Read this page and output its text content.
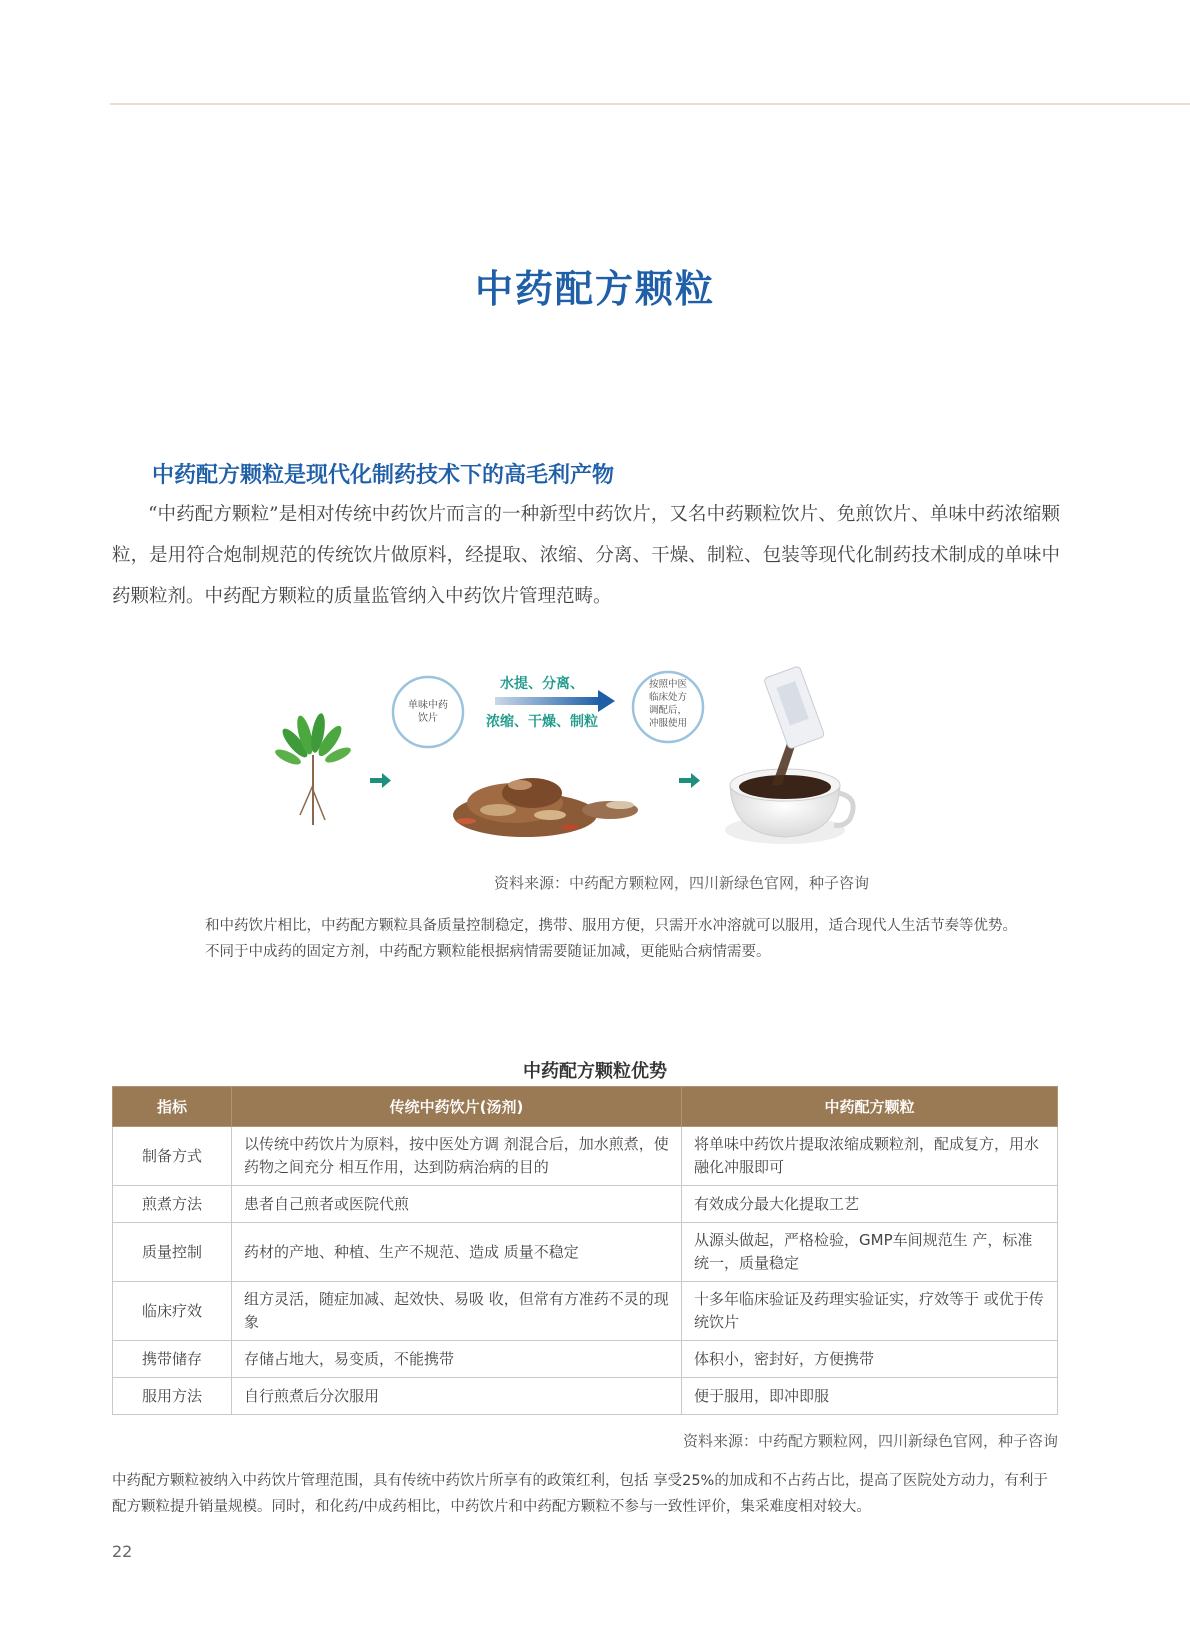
中药配方颗粒
中药配方颗粒是现代化制药技术下的高毛利产物
“中药配方颗粒”是相对传统中药饮片而言的一种新型中药饮片，又名中药颗粒饮片、免煎饮片、单味中药浓缩颗粒，是用符合炮制规范的传统饮片做原料，经提取、浓缩、分离、干燥、制粒、包装等现代化制药技术制成的单味中药颗粒剂。中药配方颗粒的质量监管纳入中药饮片管理范畴。
单味中药
饮片
水提、分离、
浓缩、干燥、制粒
按照中医
临床处方
调配后，
冲服使用
资料来源：中药配方颗粒网，四川新绿色官网，种子咨询
和中药饮片相比，中药配方颗粒具备质量控制稳定，携带、服用方便，只需开水冲溶就可以服用，适合现代人生活节奏等优势。不同于中成药的固定方剂，中药配方颗粒能根据病情需要随证加减，更能贴合病情需要。
中药配方颗粒优势
指标	传统中药饮片(汤剂)	中药配方颗粒
制备方式	以传统中药饮片为原料，按中医处方调 剂混合后，加水煎煮，使药物之间充分 相互作用，达到防病治病的目的	将单味中药饮片提取浓缩成颗粒剂，配成复方，用水融化冲服即可
煎煮方法	患者自己煎者或医院代煎	有效成分最大化提取工艺
质量控制	药材的产地、种植、生产不规范、造成 质量不稳定	从源头做起，严格检验，GMP车间规范生 产，标准统一，质量稳定
临床疗效	组方灵活，随症加减、起效快、易吸 收，但常有方准药不灵的现象	十多年临床验证及药理实验证实，疗效等于 或优于传统饮片
携带储存	存储占地大，易变质，不能携带	体积小，密封好，方便携带
服用方法	自行煎煮后分次服用	便于服用，即冲即服
资料来源：中药配方颗粒网，四川新绿色官网，种子咨询
中药配方颗粒被纳入中药饮片管理范围，具有传统中药饮片所享有的政策红利，包括 享受25%的加成和不占药占比，提高了医院处方动力，有利于配方颗粒提升销量规模。同时，和化药/中成药相比，中药饮片和中药配方颗粒不参与一致性评价，集采难度相对较大。
22
